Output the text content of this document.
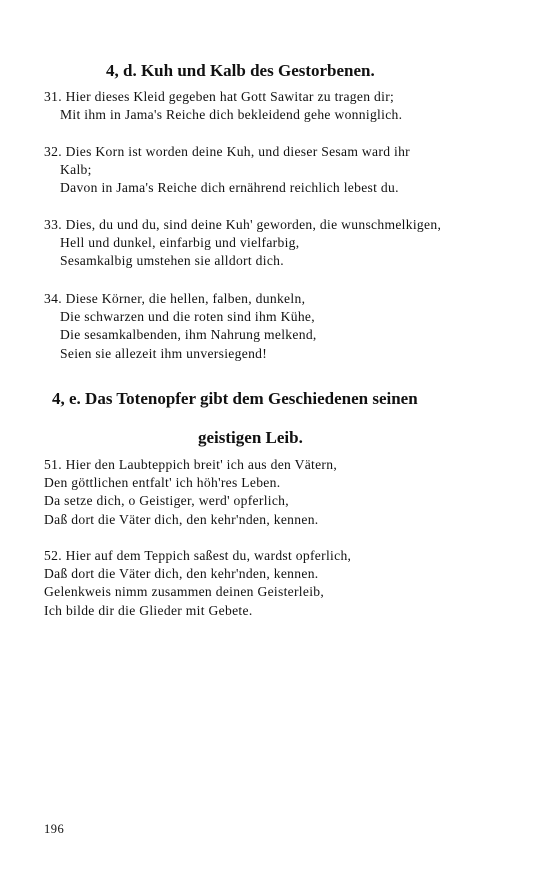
4, d. Kuh und Kalb des Gestorbenen.

31. Hier dieses Kleid gegeben hat Gott Sawitar zu tragen dir;
Mit ihm in Jama's Reiche dich bekleidend gehe wonniglich.

32. Dies Korn ist worden deine Kuh, und dieser Sesam ward ihr
Kalb;
Davon in Jama's Reiche dich ernährend reichlich lebest du.

33. Dies, du und du, sind deine Kuh' geworden, die wunschmelkigen,
Hell und dunkel, einfarbig und vielfarbig,
Sesamkalbig umstehen sie alldort dich.

34. Diese Körner, die hellen, falben, dunkeln,
Die schwarzen und die roten sind ihm Kühe,
Die sesamkalbenden, ihm Nahrung melkend,
Seien sie allezeit ihm unversiegend!

4, e. Das Totenopfer gibt dem Geschiedenen seinen
geistigen Leib.

51. Hier den Laubteppich breit' ich aus den Vätern,
Den göttlichen entfalt' ich höh'res Leben.
Da setze dich, o Geistiger, werd' opferlich,
Daß dort die Väter dich, den kehr'nden, kennen.

52. Hier auf dem Teppich saßest du, wardst opferlich,
Daß dort die Väter dich, den kehr'nden, kennen.
Gelenkweis nimm zusammen deinen Geisterleib,
Ich bilde dir die Glieder mit Gebete.

196
